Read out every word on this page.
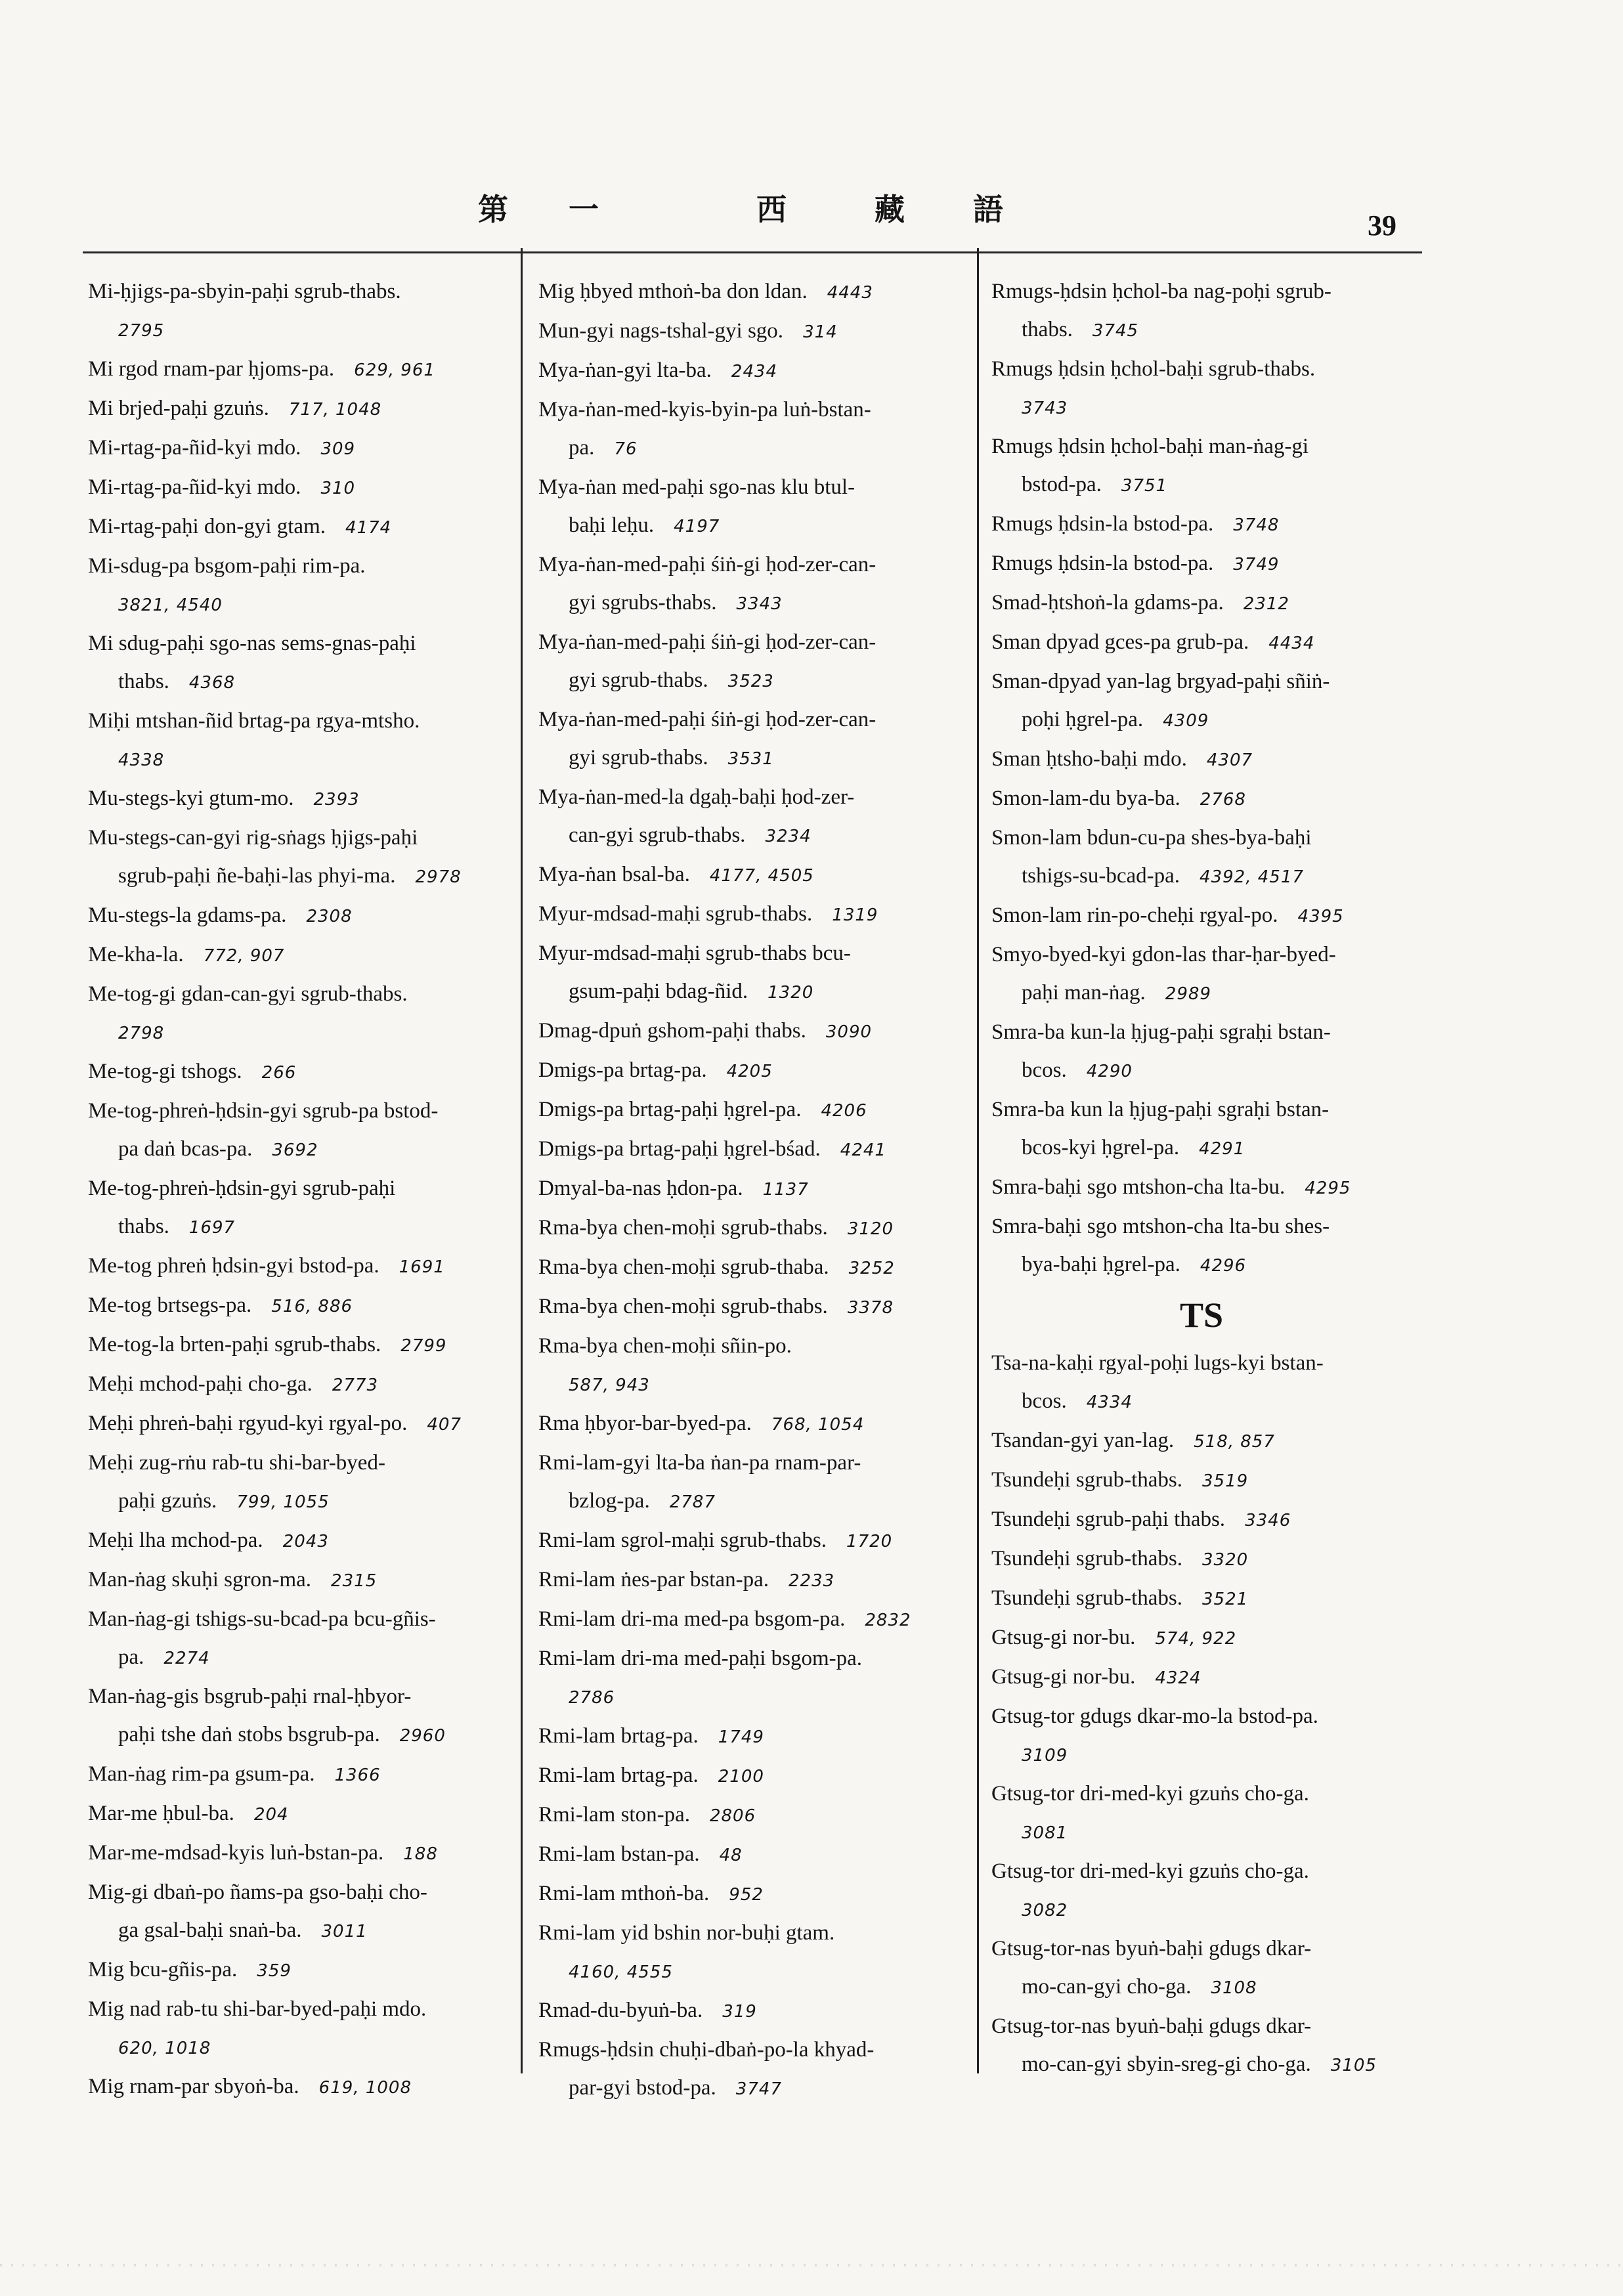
第 一	西	藏 語	39

Mi-ḥjigs-pa-sbyin-paḥi sgrub-thabs.

2795

Mi rgod rnam-par ḥjoms-pa. 629, 961

Mi brjed-paḥi gzuṅs. 717, 1048

Mi-rtag-pa-ñid-kyi mdo. 309

Mi-rtag-pa-ñid-kyi mdo. 310

Mi-rtag-paḥi don-gyi gtam. 4174

Mi-sdug-pa bsgom-paḥi rim-pa.

3821, 4540

Mi sdug-paḥi sgo-nas sems-gnas-paḥi

thabs. 4368

Miḥi mtshan-ñid brtag-pa rgya-mtsho.

4338

Mu-stegs-kyi gtum-mo. 2393

Mu-stegs-can-gyi rig-sṅags ḥjigs-paḥi

sgrub-paḥi ñe-baḥi-las phyi-ma. 2978

Mu-stegs-la gdams-pa. 2308

Me-kha-la. 772, 907

Me-tog-gi gdan-can-gyi sgrub-thabs.

2798

Me-tog-gi tshogs. 266

Me-tog-phreṅ-ḥdsin-gyi sgrub-pa bstod-

pa daṅ bcas-pa. 3692

Me-tog-phreṅ-ḥdsin-gyi sgrub-paḥi

thabs. 1697

Me-tog phreṅ ḥdsin-gyi bstod-pa. 1691

Me-tog brtsegs-pa. 516, 886

Me-tog-la brten-paḥi sgrub-thabs. 2799

Meḥi mchod-paḥi cho-ga. 2773

Meḥi phreṅ-baḥi rgyud-kyi rgyal-po. 407

Meḥi zug-rṅu rab-tu shi-bar-byed-

paḥi gzuṅs. 799, 1055

Meḥi lha mchod-pa. 2043

Man-ṅag skuḥi sgron-ma. 2315

Man-ṅag-gi tshigs-su-bcad-pa bcu-gñis-

pa. 2274

Man-ṅag-gis bsgrub-paḥi rnal-ḥbyor-

paḥi tshe daṅ stobs bsgrub-pa. 2960

Man-ṅag rim-pa gsum-pa. 1366

Mar-me ḥbul-ba. 204

Mar-me-mdsad-kyis luṅ-bstan-pa. 188

Mig-gi dbaṅ-po ñams-pa gso-baḥi cho-

ga gsal-baḥi snaṅ-ba. 3011

Mig bcu-gñis-pa. 359

Mig nad rab-tu shi-bar-byed-paḥi mdo.

620, 1018

Mig rnam-par sbyoṅ-ba. 619, 1008

Mig ḥbyed mthoṅ-ba don ldan. 4443

Mun-gyi nags-tshal-gyi sgo. 314

Mya-ṅan-gyi lta-ba. 2434

Mya-ṅan-med-kyis-byin-pa luṅ-bstan-

pa. 76

Mya-ṅan med-paḥi sgo-nas klu btul-

baḥi leḥu. 4197

Mya-ṅan-med-paḥi śiṅ-gi ḥod-zer-can-

gyi sgrubs-thabs. 3343

Mya-ṅan-med-paḥi śiṅ-gi ḥod-zer-can-

gyi sgrub-thabs. 3523

Mya-ṅan-med-paḥi śiṅ-gi ḥod-zer-can-

gyi sgrub-thabs. 3531

Mya-ṅan-med-la dgaḥ-baḥi ḥod-zer-

can-gyi sgrub-thabs. 3234

Mya-ṅan bsal-ba. 4177, 4505

Myur-mdsad-maḥi sgrub-thabs. 1319

Myur-mdsad-maḥi sgrub-thabs bcu-

gsum-paḥi bdag-ñid. 1320

Dmag-dpuṅ gshom-paḥi thabs. 3090

Dmigs-pa brtag-pa. 4205

Dmigs-pa brtag-paḥi ḥgrel-pa. 4206

Dmigs-pa brtag-paḥi ḥgrel-bśad. 4241

Dmyal-ba-nas ḥdon-pa. 1137

Rma-bya chen-moḥi sgrub-thabs. 3120

Rma-bya chen-moḥi sgrub-thaba. 3252

Rma-bya chen-moḥi sgrub-thabs. 3378

Rma-bya chen-moḥi sñin-po.

587, 943

Rma ḥbyor-bar-byed-pa. 768, 1054

Rmi-lam-gyi lta-ba ṅan-pa rnam-par-

bzlog-pa. 2787

Rmi-lam sgrol-maḥi sgrub-thabs. 1720

Rmi-lam ṅes-par bstan-pa. 2233

Rmi-lam dri-ma med-pa bsgom-pa. 2832

Rmi-lam dri-ma med-paḥi bsgom-pa.

2786

Rmi-lam brtag-pa. 1749

Rmi-lam brtag-pa. 2100

Rmi-lam ston-pa. 2806

Rmi-lam bstan-pa. 48

Rmi-lam mthoṅ-ba. 952

Rmi-lam yid bshin nor-buḥi gtam.

4160, 4555

Rmad-du-byuṅ-ba. 319

Rmugs-ḥdsin chuḥi-dbaṅ-po-la khyad-

par-gyi bstod-pa. 3747

Rmugs-ḥdsin ḥchol-ba nag-poḥi sgrub-

thabs. 3745

Rmugs ḥdsin ḥchol-baḥi sgrub-thabs.

3743

Rmugs ḥdsin ḥchol-baḥi man-ṅag-gi

bstod-pa. 3751

Rmugs ḥdsin-la bstod-pa. 3748

Rmugs ḥdsin-la bstod-pa. 3749

Smad-ḥtshoṅ-la gdams-pa. 2312

Sman dpyad gces-pa grub-pa. 4434

Sman-dpyad yan-lag brgyad-paḥi sñiṅ-

poḥi ḥgrel-pa. 4309

Sman ḥtsho-baḥi mdo. 4307

Smon-lam-du bya-ba. 2768

Smon-lam bdun-cu-pa shes-bya-baḥi

tshigs-su-bcad-pa. 4392, 4517

Smon-lam rin-po-cheḥi rgyal-po. 4395

Smyo-byed-kyi gdon-las thar-ḥar-byed-

paḥi man-ṅag. 2989

Smra-ba kun-la ḥjug-paḥi sgraḥi bstan-

bcos. 4290

Smra-ba kun la ḥjug-paḥi sgraḥi bstan-

bcos-kyi ḥgrel-pa. 4291

Smra-baḥi sgo mtshon-cha lta-bu. 4295

Smra-baḥi sgo mtshon-cha lta-bu shes-

bya-baḥi ḥgrel-pa. 4296

TS

Tsa-na-kaḥi rgyal-poḥi lugs-kyi bstan-

bcos. 4334

Tsandan-gyi yan-lag. 518, 857

Tsundeḥi sgrub-thabs. 3519

Tsundeḥi sgrub-paḥi thabs. 3346

Tsundeḥi sgrub-thabs. 3320

Tsundeḥi sgrub-thabs. 3521

Gtsug-gi nor-bu. 574, 922

Gtsug-gi nor-bu. 4324

Gtsug-tor gdugs dkar-mo-la bstod-pa.

3109

Gtsug-tor dri-med-kyi gzuṅs cho-ga.

3081

Gtsug-tor dri-med-kyi gzuṅs cho-ga.

3082

Gtsug-tor-nas byuṅ-baḥi gdugs dkar-

mo-can-gyi cho-ga. 3108

Gtsug-tor-nas byuṅ-baḥi gdugs dkar-

mo-can-gyi sbyin-sreg-gi cho-ga. 3105
